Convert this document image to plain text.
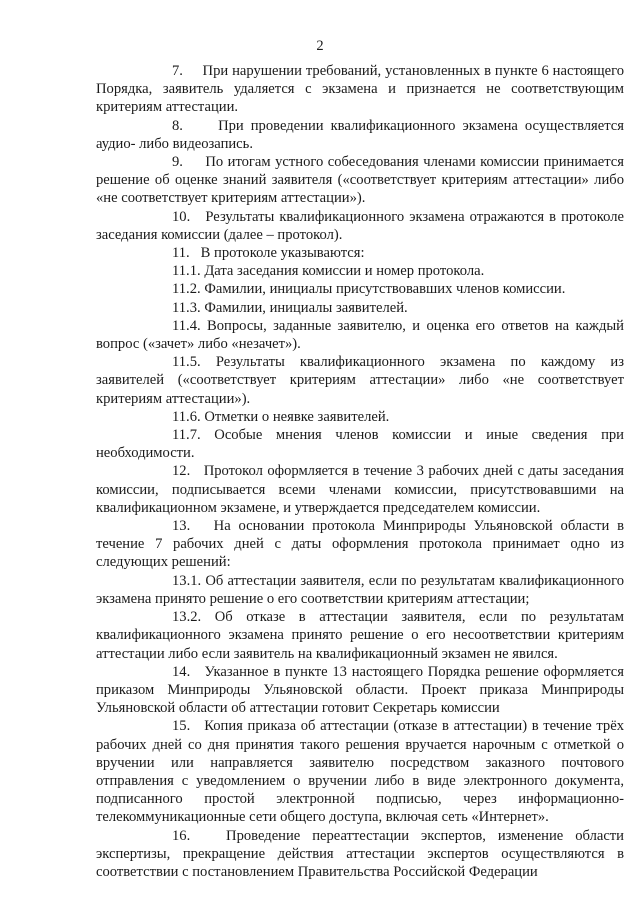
2

7. При нарушении требований, установленных в пункте 6 настоящего Порядка, заявитель удаляется с экзамена и признается не соответствующим критериям аттестации.

8. При проведении квалификационного экзамена осуществляется аудио- либо видеозапись.

9. По итогам устного собеседования членами комиссии принимается решение об оценке знаний заявителя («соответствует критериям аттестации» либо «не соответствует критериям аттестации»).

10. Результаты квалификационного экзамена отражаются в протоколе заседания комиссии (далее – протокол).

11. В протоколе указываются:

11.1. Дата заседания комиссии и номер протокола.

11.2. Фамилии, инициалы присутствовавших членов комиссии.

11.3. Фамилии, инициалы заявителей.

11.4. Вопросы, заданные заявителю, и оценка его ответов на каждый вопрос («зачет» либо «незачет»).

11.5. Результаты квалификационного экзамена по каждому из заявителей («соответствует критериям аттестации» либо «не соответствует критериям аттестации»).

11.6. Отметки о неявке заявителей.

11.7. Особые мнения членов комиссии и иные сведения при необходимости.

12. Протокол оформляется в течение 3 рабочих дней с даты заседания комиссии, подписывается всеми членами комиссии, присутствовавшими на квалификационном экзамене, и утверждается председателем комиссии.

13. На основании протокола Минприроды Ульяновской области в течение 7 рабочих дней с даты оформления протокола принимает одно из следующих решений:

13.1. Об аттестации заявителя, если по результатам квалификационного экзамена принято решение о его соответствии критериям аттестации;

13.2. Об отказе в аттестации заявителя, если по результатам квалификационного экзамена принято решение о его несоответствии критериям аттестации либо если заявитель на квалификационный экзамен не явился.

14. Указанное в пункте 13 настоящего Порядка решение оформляется приказом Минприроды Ульяновской области. Проект приказа Минприроды Ульяновской области об аттестации готовит Секретарь комиссии

15. Копия приказа об аттестации (отказе в аттестации) в течение трёх рабочих дней со дня принятия такого решения вручается нарочным с отметкой о вручении или направляется заявителю посредством заказного почтового отправления с уведомлением о вручении либо в виде электронного документа, подписанного простой электронной подписью, через информационно-телекоммуникационные сети общего доступа, включая сеть «Интернет».

16. Проведение переаттестации экспертов, изменение области экспертизы, прекращение действия аттестации экспертов осуществляются в соответствии с постановлением Правительства Российской Федерации
